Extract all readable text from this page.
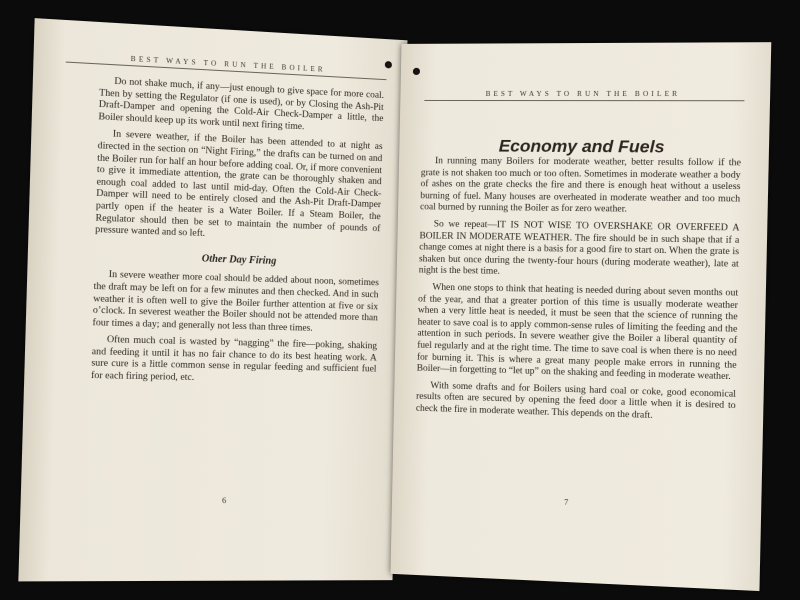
BEST WAYS TO RUN THE BOILER

Do not shake much, if any—just enough to give space for more coal. Then by setting the Regulator (if one is used), or by Closing the Ash-Pit Draft-Damper and opening the Cold-Air Check-Damper a little, the Boiler should keep up its work until next firing time.

In severe weather, if the Boiler has been attended to at night as directed in the section on “Night Firing,” the drafts can be turned on and the Boiler run for half an hour before adding coal. Or, if more convenient to give it immediate attention, the grate can be thoroughly shaken and enough coal added to last until mid-day. Often the Cold-Air Check-Damper will need to be entirely closed and the Ash-Pit Draft-Damper partly open if the heater is a Water Boiler. If a Steam Boiler, the Regulator should then be set to maintain the number of pounds of pressure wanted and so left.

Other Day Firing

In severe weather more coal should be added about noon, sometimes the draft may be left on for a few minutes and then checked. And in such weather it is often well to give the Boiler further attention at five or six o’clock. In severest weather the Boiler should not be attended more than four times a day; and generally not less than three times.

Often much coal is wasted by “nagging” the fire—poking, shaking and feeding it until it has no fair chance to do its best heating work. A sure cure is a little common sense in regular feeding and sufficient fuel for each firing period, etc.

6
BEST WAYS TO RUN THE BOILER
Economy and Fuels

In running many Boilers for moderate weather, better results follow if the grate is not shaken too much or too often. Sometimes in moderate weather a body of ashes on the grate checks the fire and there is enough heat without a useless burning of fuel. Many houses are overheated in moderate weather and too much coal burned by running the Boiler as for zero weather.

So we repeat—IT IS NOT WISE TO OVERSHAKE OR OVERFEED A BOILER IN MODERATE WEATHER. The fire should be in such shape that if a change comes at night there is a basis for a good fire to start on. When the grate is shaken but once during the twenty-four hours (during moderate weather), late at night is the best time.

When one stops to think that heating is needed during about seven months out of the year, and that a greater portion of this time is usually moderate weather when a very little heat is needed, it must be seen that the science of running the heater to save coal is to apply common-sense rules of limiting the feeding and the attention in such periods. In severe weather give the Boiler a liberal quantity of fuel regularly and at the right time. The time to save coal is when there is no need for burning it. This is where a great many people make errors in running the Boiler—in forgetting to “let up” on the shaking and feeding in moderate weather.

With some drafts and for Boilers using hard coal or coke, good economical results often are secured by opening the feed door a little when it is desired to check the fire in moderate weather. This depends on the draft.

7
